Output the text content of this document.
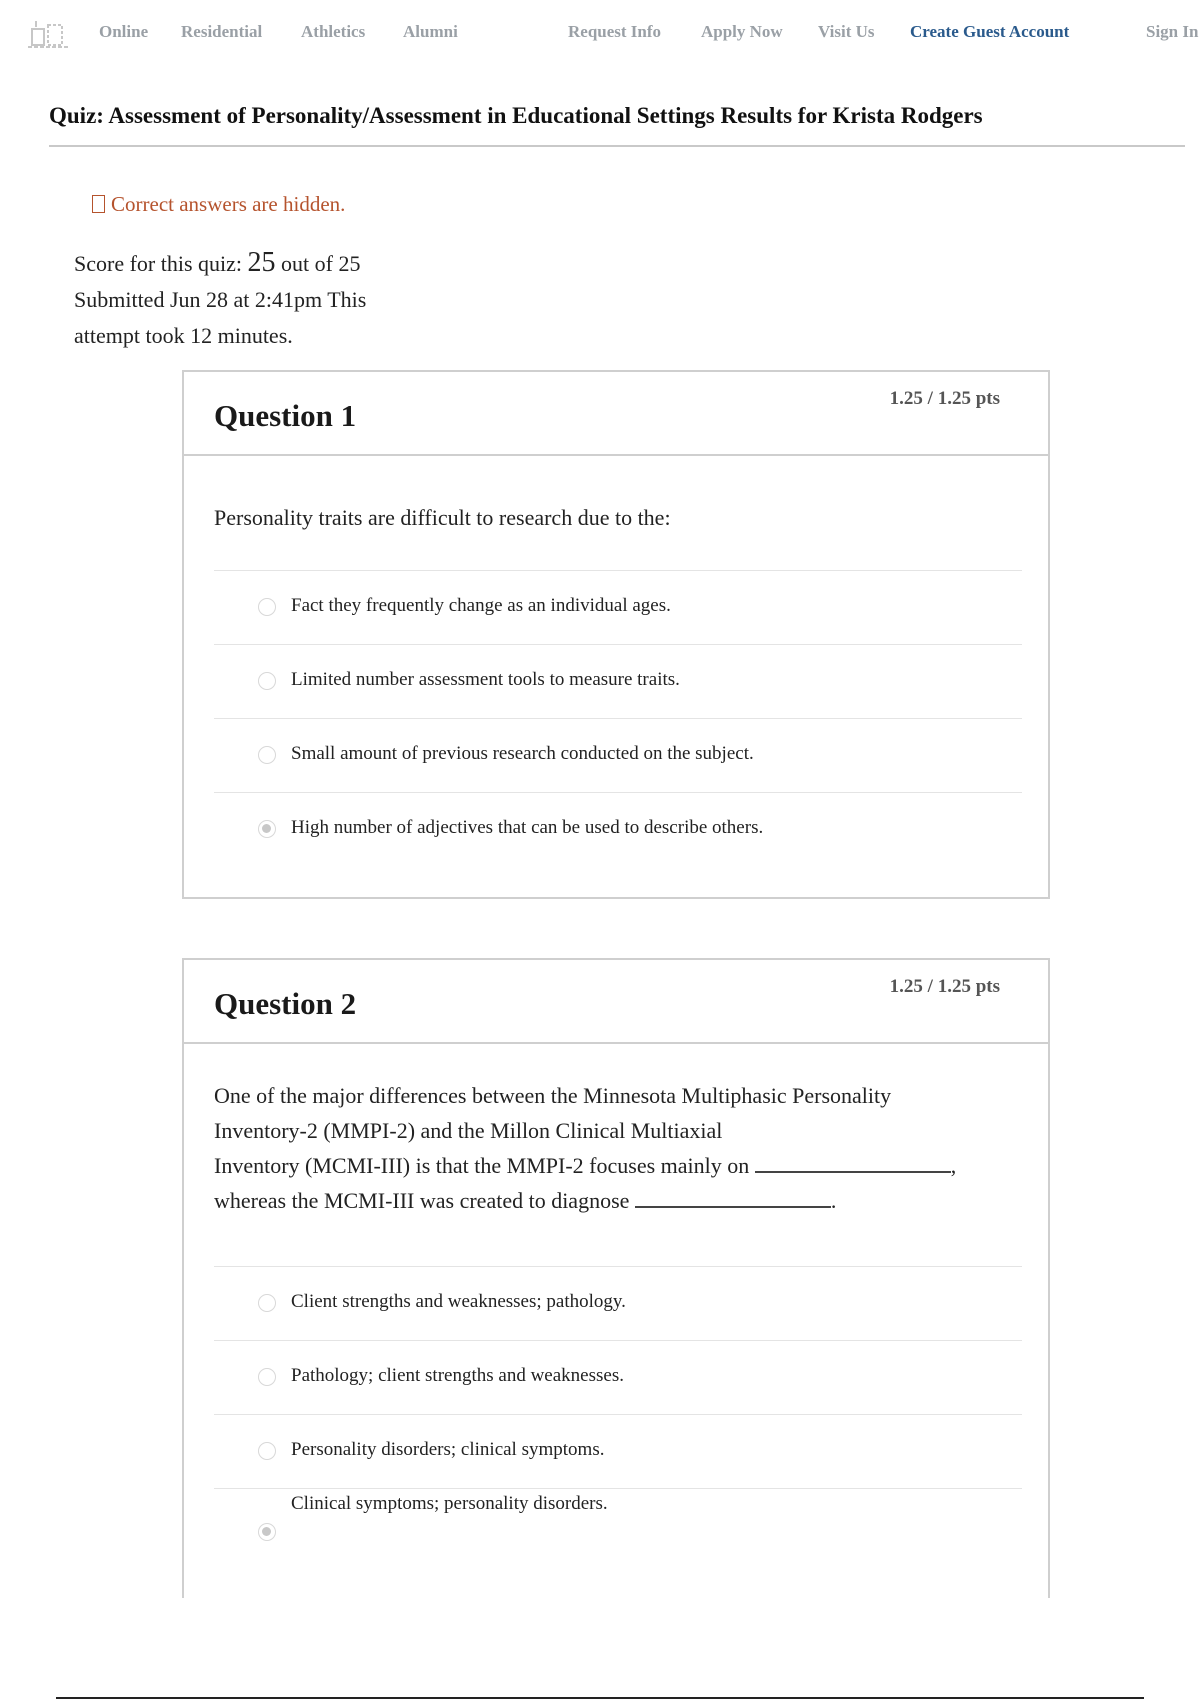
Online Residential Athletics Alumni	Request Info Apply Now Visit Us Create Guest Account	Sign In
Quiz: Assessment of Personality/Assessment in Educational Settings Results for Krista Rodgers
Correct answers are hidden.
Score for this quiz: 25 out of 25
Submitted Jun 28 at 2:41pm This
attempt took 12 minutes.
Question 1	1.25 / 1.25 pts
Personality traits are difficult to research due to the:
Fact they frequently change as an individual ages.
Limited number assessment tools to measure traits.
Small amount of previous research conducted on the subject.
High number of adjectives that can be used to describe others.
Question 2	1.25 / 1.25 pts
One of the major differences between the Minnesota Multiphasic Personality
Inventory-2 (MMPI-2) and the Millon Clinical Multiaxial
Inventory (MCMI-III) is that the MMPI-2 focuses mainly on	,
whereas the MCMI-III was created to diagnose	.
Client strengths and weaknesses; pathology.
Pathology; client strengths and weaknesses.
Personality disorders; clinical symptoms.
Clinical symptoms; personality disorders.
